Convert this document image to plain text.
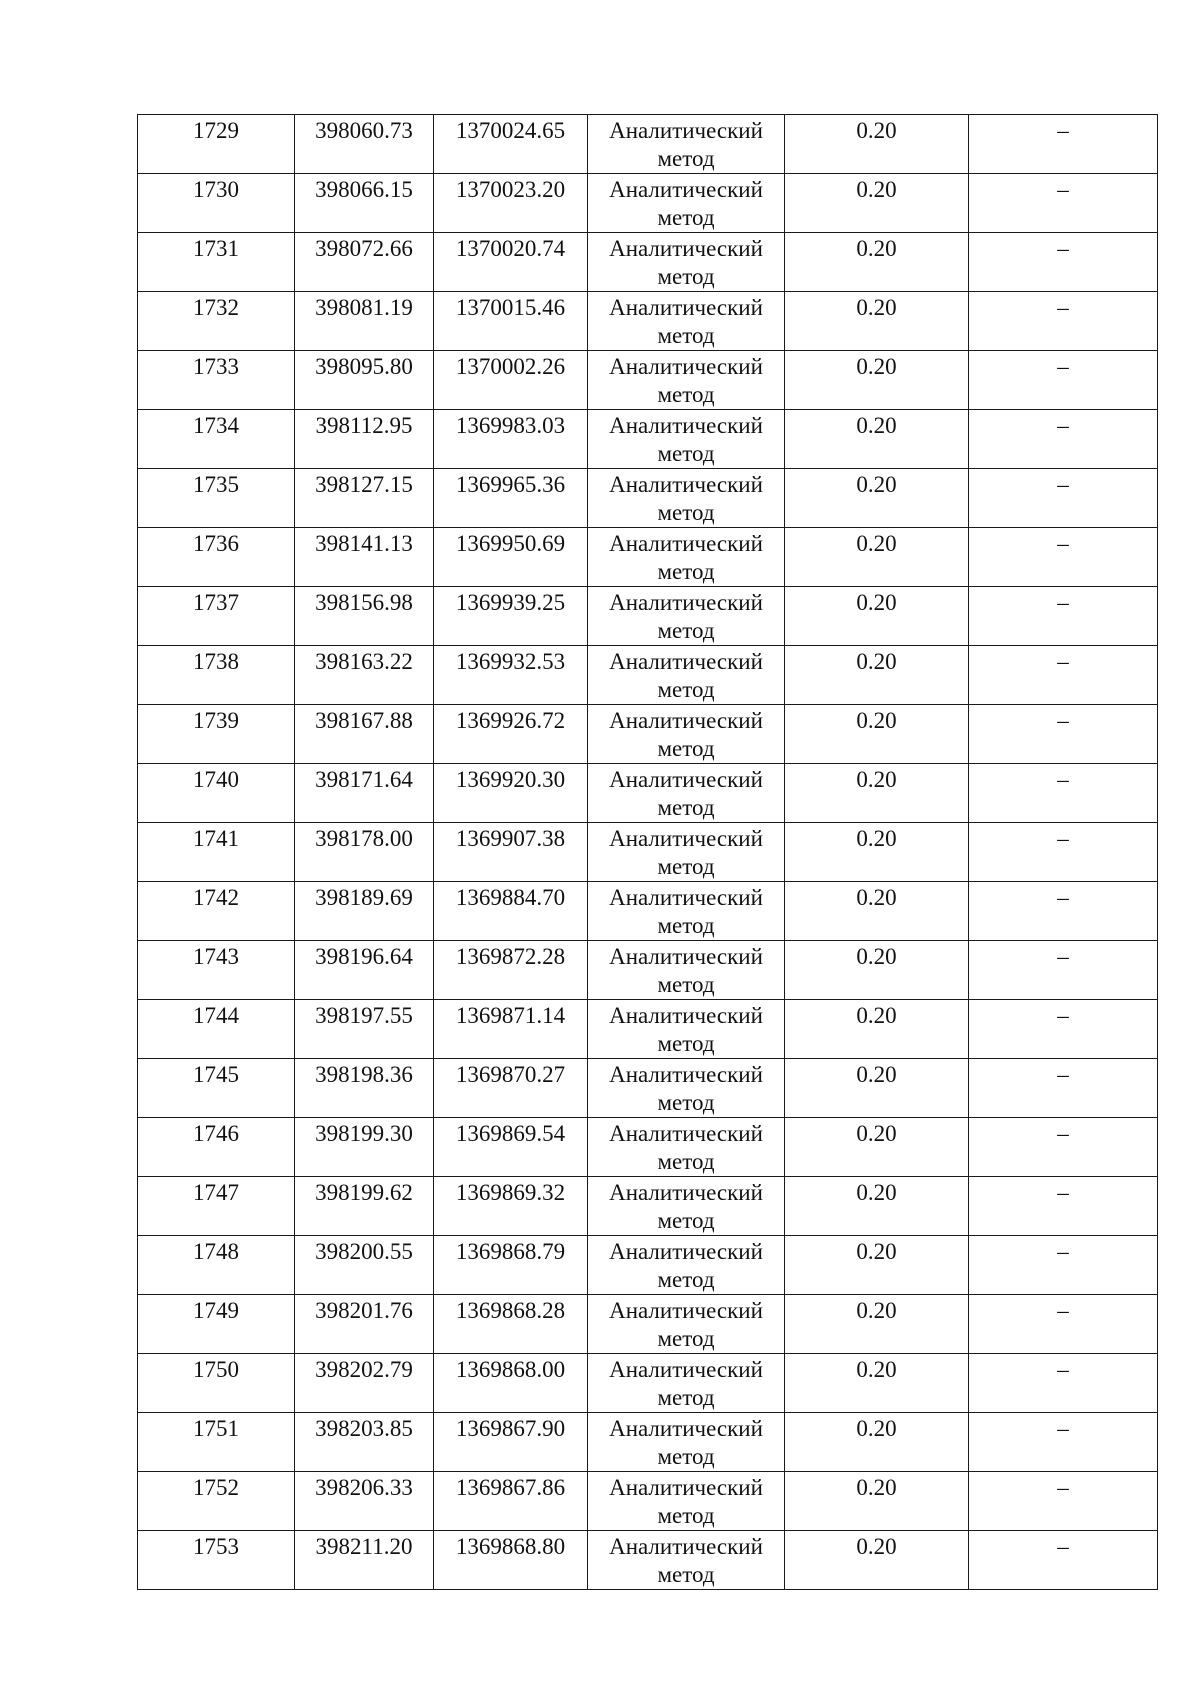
1729	398060.73	1370024.65	Аналитический метод	0.20	–

1730	398066.15	1370023.20	Аналитический метод	0.20	–

1731	398072.66	1370020.74	Аналитический метод	0.20	–

1732	398081.19	1370015.46	Аналитический метод	0.20	–

1733	398095.80	1370002.26	Аналитический метод	0.20	–

1734	398112.95	1369983.03	Аналитический метод	0.20	–

1735	398127.15	1369965.36	Аналитический метод	0.20	–

1736	398141.13	1369950.69	Аналитический метод	0.20	–

1737	398156.98	1369939.25	Аналитический метод	0.20	–

1738	398163.22	1369932.53	Аналитический метод	0.20	–

1739	398167.88	1369926.72	Аналитический метод	0.20	–

1740	398171.64	1369920.30	Аналитический метод	0.20	–

1741	398178.00	1369907.38	Аналитический метод	0.20	–

1742	398189.69	1369884.70	Аналитический метод	0.20	–

1743	398196.64	1369872.28	Аналитический метод	0.20	–

1744	398197.55	1369871.14	Аналитический метод	0.20	–

1745	398198.36	1369870.27	Аналитический метод	0.20	–

1746	398199.30	1369869.54	Аналитический метод	0.20	–

1747	398199.62	1369869.32	Аналитический метод	0.20	–

1748	398200.55	1369868.79	Аналитический метод	0.20	–

1749	398201.76	1369868.28	Аналитический метод	0.20	–

1750	398202.79	1369868.00	Аналитический метод	0.20	–

1751	398203.85	1369867.90	Аналитический метод	0.20	–

1752	398206.33	1369867.86	Аналитический метод	0.20	–

1753	398211.20	1369868.80	Аналитический метод	0.20	–
